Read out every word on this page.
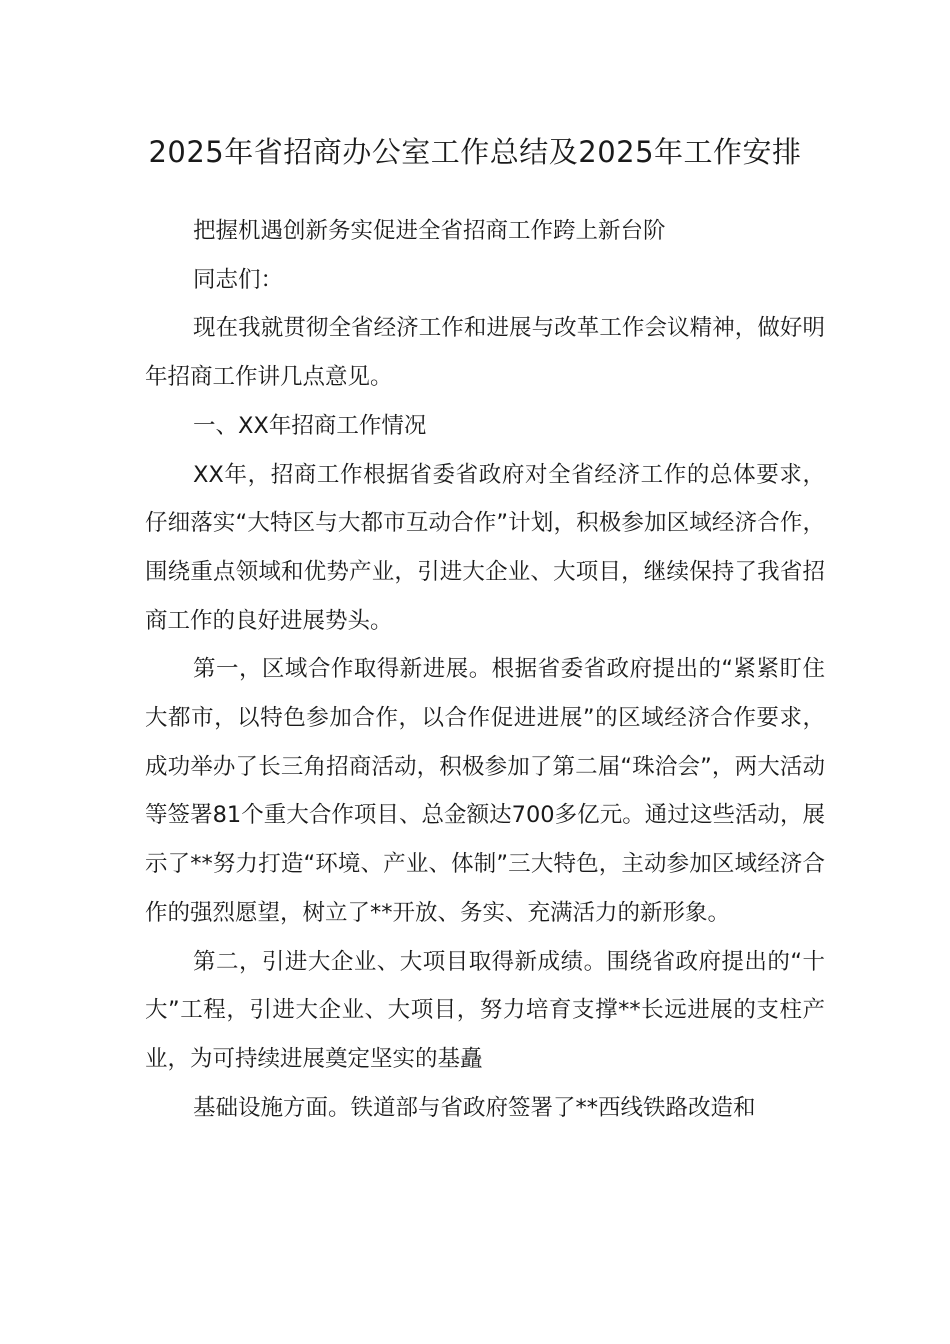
2025年省招商办公室工作总结及2025年工作安排

把握机遇创新务实促进全省招商工作跨上新台阶

同志们：

现在我就贯彻全省经济工作和进展与改革工作会议精神，做好明年招商工作讲几点意见。

一、XX年招商工作情况

XX年，招商工作根据省委省政府对全省经济工作的总体要求，仔细落实“大特区与大都市互动合作”计划，积极参加区域经济合作，围绕重点领域和优势产业，引进大企业、大项目，继续保持了我省招商工作的良好进展势头。

第一，区域合作取得新进展。根据省委省政府提出的“紧紧盯住大都市，以特色参加合作，以合作促进进展”的区域经济合作要求，成功举办了长三角招商活动，积极参加了第二届“珠洽会”，两大活动等签署81个重大合作项目、总金额达700多亿元。通过这些活动，展示了**努力打造“环境、产业、体制”三大特色，主动参加区域经济合作的强烈愿望，树立了**开放、务实、充满活力的新形象。

第二，引进大企业、大项目取得新成绩。围绕省政府提出的“十大”工程，引进大企业、大项目，努力培育支撑**长远进展的支柱产业，为可持续进展奠定坚实的基矗

基础设施方面。铁道部与省政府签署了**西线铁路改造和
